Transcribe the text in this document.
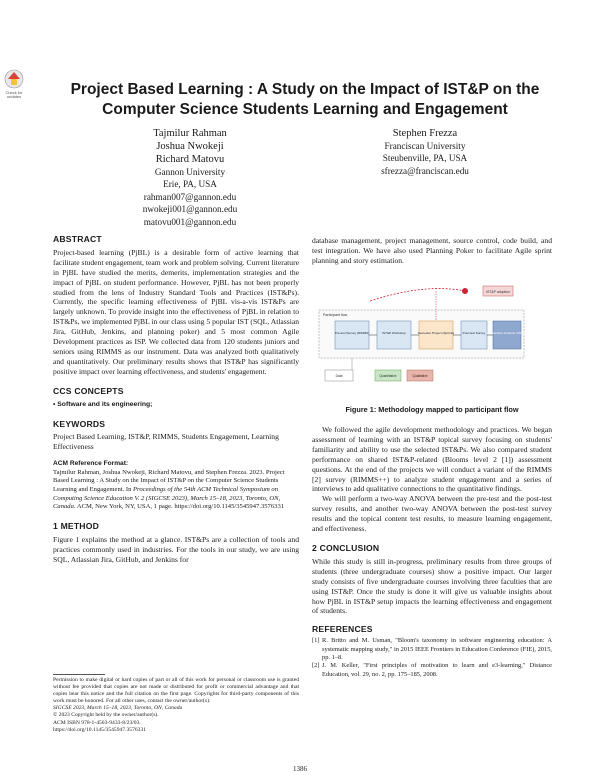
Check for
updates	Project Based Learning : A Study on the Impact of IST&P on the
Computer Science Students Learning and Engagement
Tajmilur Rahman
Joshua Nwokeji
Richard Matovu
Gannon University
Erie, PA, USA
rahman007@gannon.edu
nwokeji001@gannon.edu
matovu001@gannon.edu
Stephen Frezza
Franciscan University
Steubenville, PA, USA
sfrezza@franciscan.edu
ABSTRACT

Project-based learning (PjBL) is a desirable form of active learning that facilitate student engagement, team work and problem solving. Current literature in PjBL have studied the merits, demerits, implementation strategies and the impact of PjBL on student performance. However, PjBL has not been properly studied from the lens of Industry Standard Tools and Practices (IST&Ps). Currently, the specific learning effectiveness of PjBL vis-a-vis IST&Ps are largely unknown. To provide insight into the effectiveness of PjBL in relation to IST&Ps, we implemented PjBL in our class using 5 popular IST (SQL, Atlassian Jira, GitHub, Jenkins, and planning poker) and 5 most common Agile Development practices as ISP. We collected data from 120 students juniors and seniors using RIMMS as our instrument. Data was analyzed both qualitatively and quantitatively. Our preliminary results shows that IST&P has significantly positive impact over learning effectiveness, and students' engagement.

CCS CONCEPTS

• Software and its engineering;

KEYWORDS

Project Based Learning, IST&P, RIMMS, Students Engagement, Learning Effectiveness

ACM Reference Format:
Tajmilur Rahman, Joshua Nwokeji, Richard Matovu, and Stephen Frezza. 2023. Project Based Learning : A Study on the Impact of IST&P on the Computer Science Students Learning and Engagement. In Proceedings of the 54th ACM Technical Symposium on Computing Science Education V. 2 (SIGCSE 2023), March 15–18, 2023, Toronto, ON, Canada. ACM, New York, NY, USA, 1 page. https://doi.org/10.1145/3545947.3576331
1 METHOD

Figure 1 explains the method at a glance. IST&Ps are a collection of tools and practices commonly used in industries. For the tools in our study, we are using SQL, Atlassian Jira, GitHub, and Jenkins for

Permission to make digital or hard copies of part or all of this work for personal or classroom use is granted without fee provided that copies are not made or distributed for profit or commercial advantage and that copies bear this notice and the full citation on the first page. Copyrights for third-party components of this work must be honored. For all other uses, contact the owner/author(s).
SIGCSE 2023, March 15–18, 2023, Toronto, ON, Canada
© 2023 Copyright held by the owner/author(s).
ACM ISBN 978-1-4503-9433-8/23/03.
https://doi.org/10.1145/3545947.3576331

database management, project management, source control, code build, and test integration. We have also used Planning Poker to facilitate Agile sprint planning and story estimation.

IST&P adoption
Participant flow
Pre-test Survey (RIMMS)	IST&P Workshop	Semester Project (Sprints)	Post-test Survey Comparative Analysis (ANOVA)
Data	Quantitative	Qualitative
Figure 1: Methodology mapped to participant flow

We followed the agile development methodology and practices. We began assessment of learning with an IST&P topical survey focusing on students' familiarity and ability to use the selected IST&Ps. We also compared student performance on shared IST&P-related (Blooms level 2 [1]) assessment questions. At the end of the projects we will conduct a variant of the RIMMS [2] survey (RIMMS++) to analyze student engagement and a series of interviews to add qualitative connections to the quantitative findings.

We will perform a two-way ANOVA between the pre-test and the post-test survey results, and another two-way ANOVA between the post-test survey results and the topical content test results, to measure learning engagement, and effectiveness.

2 CONCLUSION

While this study is still in-progress, preliminary results from three groups of students (three undergraduate courses) show a positive impact. Our larger study consists of five undergraduate courses involving three faculties that are using IST&P. Once the study is done it will give us valuable insights about how PjBL in IST&P setup impacts the learning effectiveness and engagement of students.

REFERENCES
[1] R. Britto and M. Usman, "Bloom's taxonomy in software engineering education: A systematic mapping study," in 2015 IEEE Frontiers in Education Conference (FIE), 2015, pp. 1–8.
[2] J. M. Keller, "First principles of motivation to learn and e3-learning," Distance Education, vol. 29, no. 2, pp. 175–185, 2008.
1386
